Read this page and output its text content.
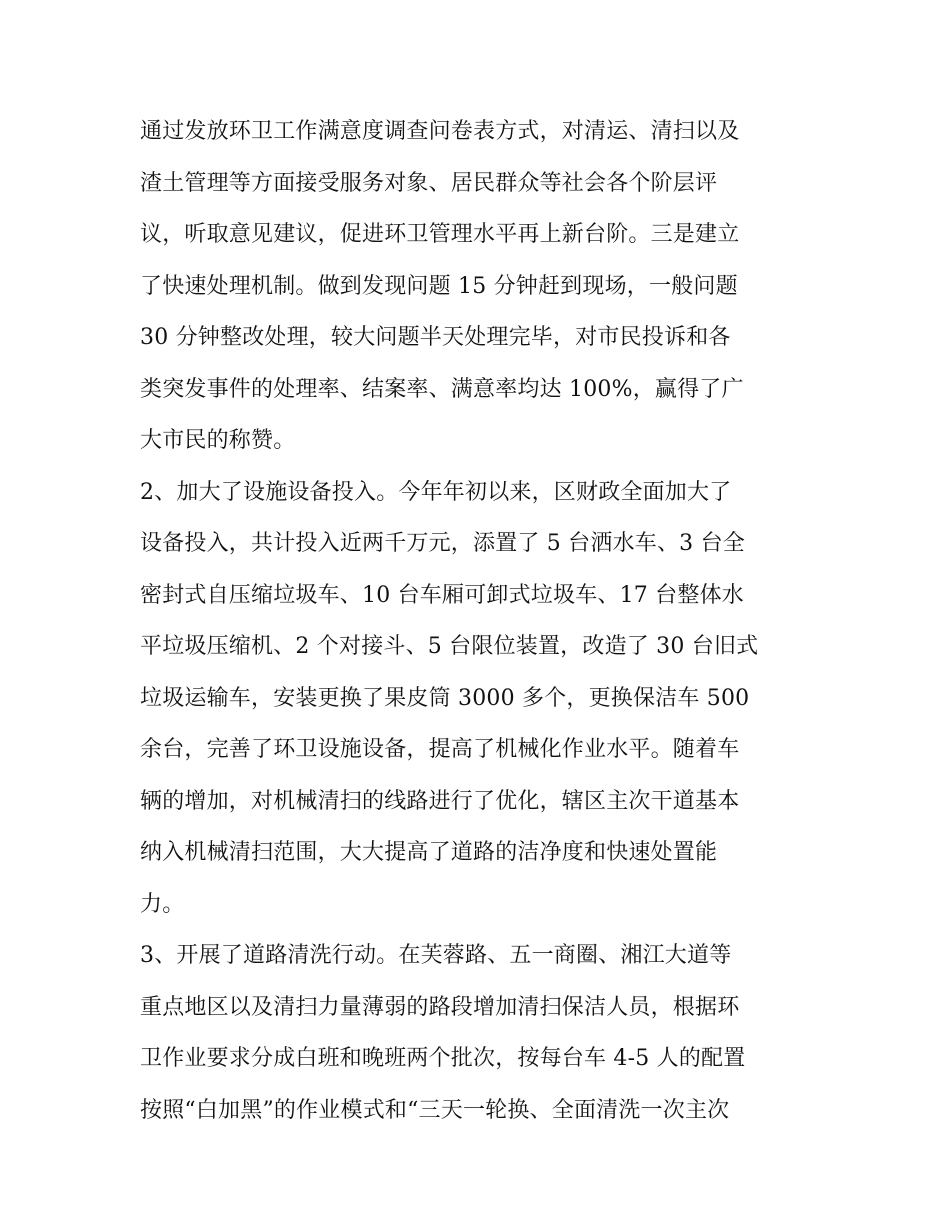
通过发放环卫工作满意度调查问卷表方式，对清运、清扫以及
渣土管理等方面接受服务对象、居民群众等社会各个阶层评
议，听取意见建议，促进环卫管理水平再上新台阶。三是建立
了快速处理机制。做到发现问题 15 分钟赶到现场，一般问题
30 分钟整改处理，较大问题半天处理完毕，对市民投诉和各
类突发事件的处理率、结案率、满意率均达 100%，赢得了广
大市民的称赞。
2、加大了设施设备投入。今年年初以来，区财政全面加大了
设备投入，共计投入近两千万元，添置了 5 台洒水车、3 台全
密封式自压缩垃圾车、10 台车厢可卸式垃圾车、17 台整体水
平垃圾压缩机、2 个对接斗、5 台限位装置，改造了 30 台旧式
垃圾运输车，安装更换了果皮筒 3000 多个，更换保洁车 500
余台，完善了环卫设施设备，提高了机械化作业水平。随着车
辆的增加，对机械清扫的线路进行了优化，辖区主次干道基本
纳入机械清扫范围，大大提高了道路的洁净度和快速处置能
力。
3、开展了道路清洗行动。在芙蓉路、五一商圈、湘江大道等
重点地区以及清扫力量薄弱的路段增加清扫保洁人员，根据环
卫作业要求分成白班和晚班两个批次，按每台车 4-5 人的配置
按照“白加黑”的作业模式和“三天一轮换、全面清洗一次主次
